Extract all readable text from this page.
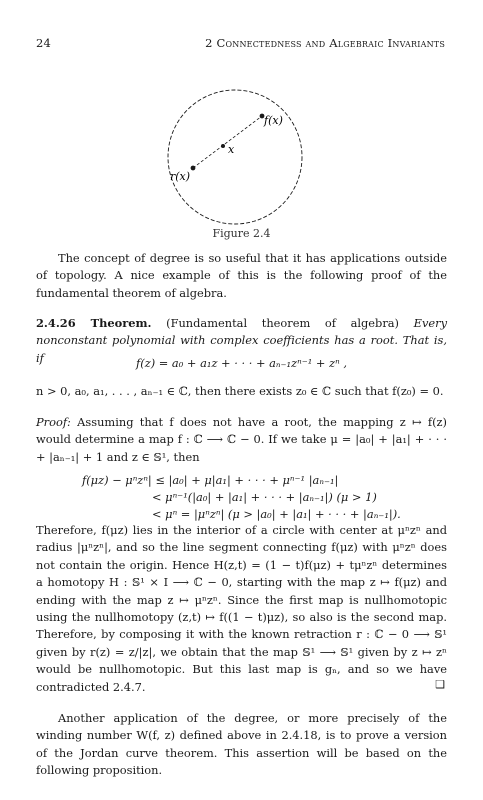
24	2 Connectedness and Algebraic Invariants
f(x)
x
r(x)
Figure 2.4

The concept of degree is so useful that it has applications outside of topology. A nice example of this is the following proof of the fundamental theorem of algebra.

2.4.26 Theorem. (Fundamental theorem of algebra) Every nonconstant polynomial with complex coefficients has a root. That is, if	f(z) = a₀ + a₁z + · · · + aₙ₋₁zⁿ⁻¹ + zⁿ ,

n > 0, a₀, a₁, . . . , aₙ₋₁ ∈ ℂ, then there exists z₀ ∈ ℂ such that f(z₀) = 0.

Proof: Assuming that f does not have a root, the mapping z ↦ f(z) would determine a map f : ℂ ⟶ ℂ − 0. If we take μ = |a₀| + |a₁| + · · · + |aₙ₋₁| + 1 and z ∈ 𝕊¹, then

f(μz) − μⁿzⁿ| ≤ |a₀| + μ|a₁| + · · · + μⁿ⁻¹ |aₙ₋₁|
< μⁿ⁻¹(|a₀| + |a₁| + · · · + |aₙ₋₁|) (μ > 1)
< μⁿ = |μⁿzⁿ| (μ > |a₀| + |a₁| + · · · + |aₙ₋₁|).

Therefore, f(μz) lies in the interior of a circle with center at μⁿzⁿ and radius |μⁿzⁿ|, and so the line segment connecting f(μz) with μⁿzⁿ does not contain the origin. Hence H(z,t) = (1 − t)f(μz) + tμⁿzⁿ determines a homotopy H : 𝕊¹ × I ⟶ ℂ − 0, starting with the map z ↦ f(μz) and ending with the map z ↦ μⁿzⁿ. Since the first map is nullhomotopic using the nullhomotopy (z,t) ↦ f((1 − t)μz), so also is the second map. Therefore, by composing it with the known retraction r : ℂ − 0 ⟶ 𝕊¹ given by r(z) = z/|z|, we obtain that the map 𝕊¹ ⟶ 𝕊¹ given by z ↦ zⁿ would be nullhomotopic. But this last map is gₙ, and so we have contradicted 2.4.7.	❑

Another application of the degree, or more precisely of the winding number W(f, z) defined above in 2.4.18, is to prove a version of the Jordan curve theorem. This assertion will be based on the following proposition.
